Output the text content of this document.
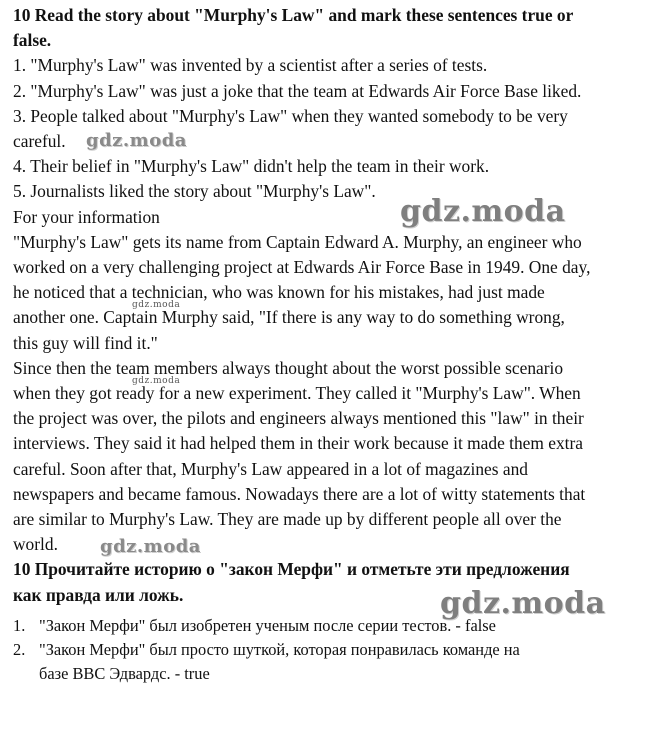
10 Read the story about "Murphy's Law" and mark these sentences true or
false.
1. "Murphy's Law" was invented by a scientist after a series of tests.
2. "Murphy's Law" was just a joke that the team at Edwards Air Force Base liked.
3. People talked about "Murphy's Law" when they wanted somebody to be very
careful.
4. Their belief in "Murphy's Law" didn't help the team in their work.
5. Journalists liked the story about "Murphy's Law".
For your information
"Murphy's Law" gets its name from Captain Edward A. Murphy, an engineer who
worked on a very challenging project at Edwards Air Force Base in 1949. One day,
he noticed that a technician, who was known for his mistakes, had just made
another one. Captain Murphy said, "If there is any way to do something wrong,
this guy will find it."
Since then the team members always thought about the worst possible scenario
when they got ready for a new experiment. They called it "Murphy's Law". When
the project was over, the pilots and engineers always mentioned this "law" in their
interviews. They said it had helped them in their work because it made them extra
careful. Soon after that, Murphy's Law appeared in a lot of magazines and
newspapers and became famous. Nowadays there are a lot of witty statements that
are similar to Murphy's Law. They are made up by different people all over the
world.
10 Прочитайте историю о "закон Мерфи" и отметьте эти предложения
как правда или ложь.
1. "Закон Мерфи" был изобретен ученым после серии тестов. - false
2. "Закон Мерфи" был просто шуткой, которая понравилась команде на
базе ВВС Эдвардс. - true
gdz.moda
gdz.moda
gdz.moda
gdz.moda
gdz.moda
gdz.moda
